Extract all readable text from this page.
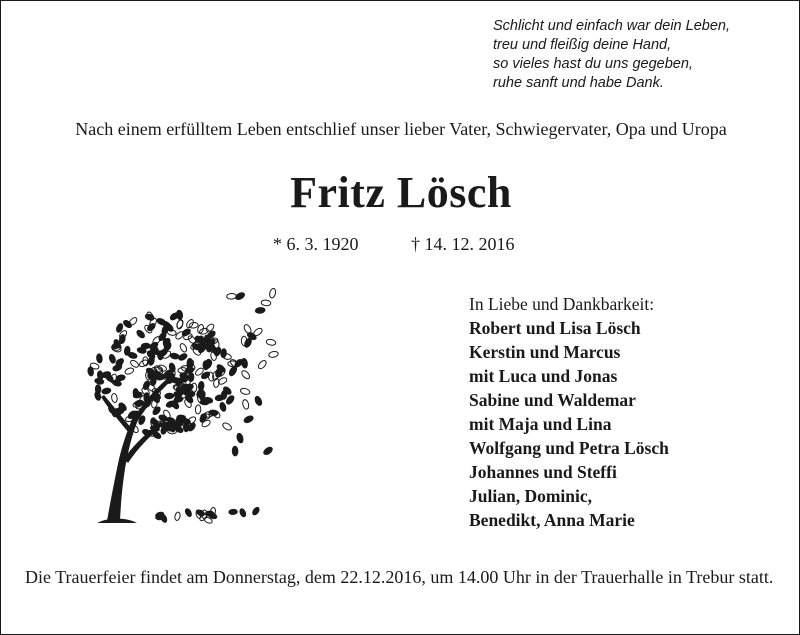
Schlicht und einfach war dein Leben,
treu und fleißig deine Hand,
so vieles hast du uns gegeben,
ruhe sanft und habe Dank.
Nach einem erfülltem Leben entschlief unser lieber Vater, Schwiegervater, Opa und Uropa
Fritz Lösch
* 6. 3. 1920	† 14. 12. 2016
In Liebe und Dankbarkeit:
Robert und Lisa Lösch
Kerstin und Marcus
mit Luca und Jonas
Sabine und Waldemar
mit Maja und Lina
Wolfgang und Petra Lösch
Johannes und Steffi
Julian, Dominic,
Benedikt, Anna Marie
Die Trauerfeier findet am Donnerstag, dem 22.12.2016, um 14.00 Uhr in der Trauerhalle in Trebur statt.
